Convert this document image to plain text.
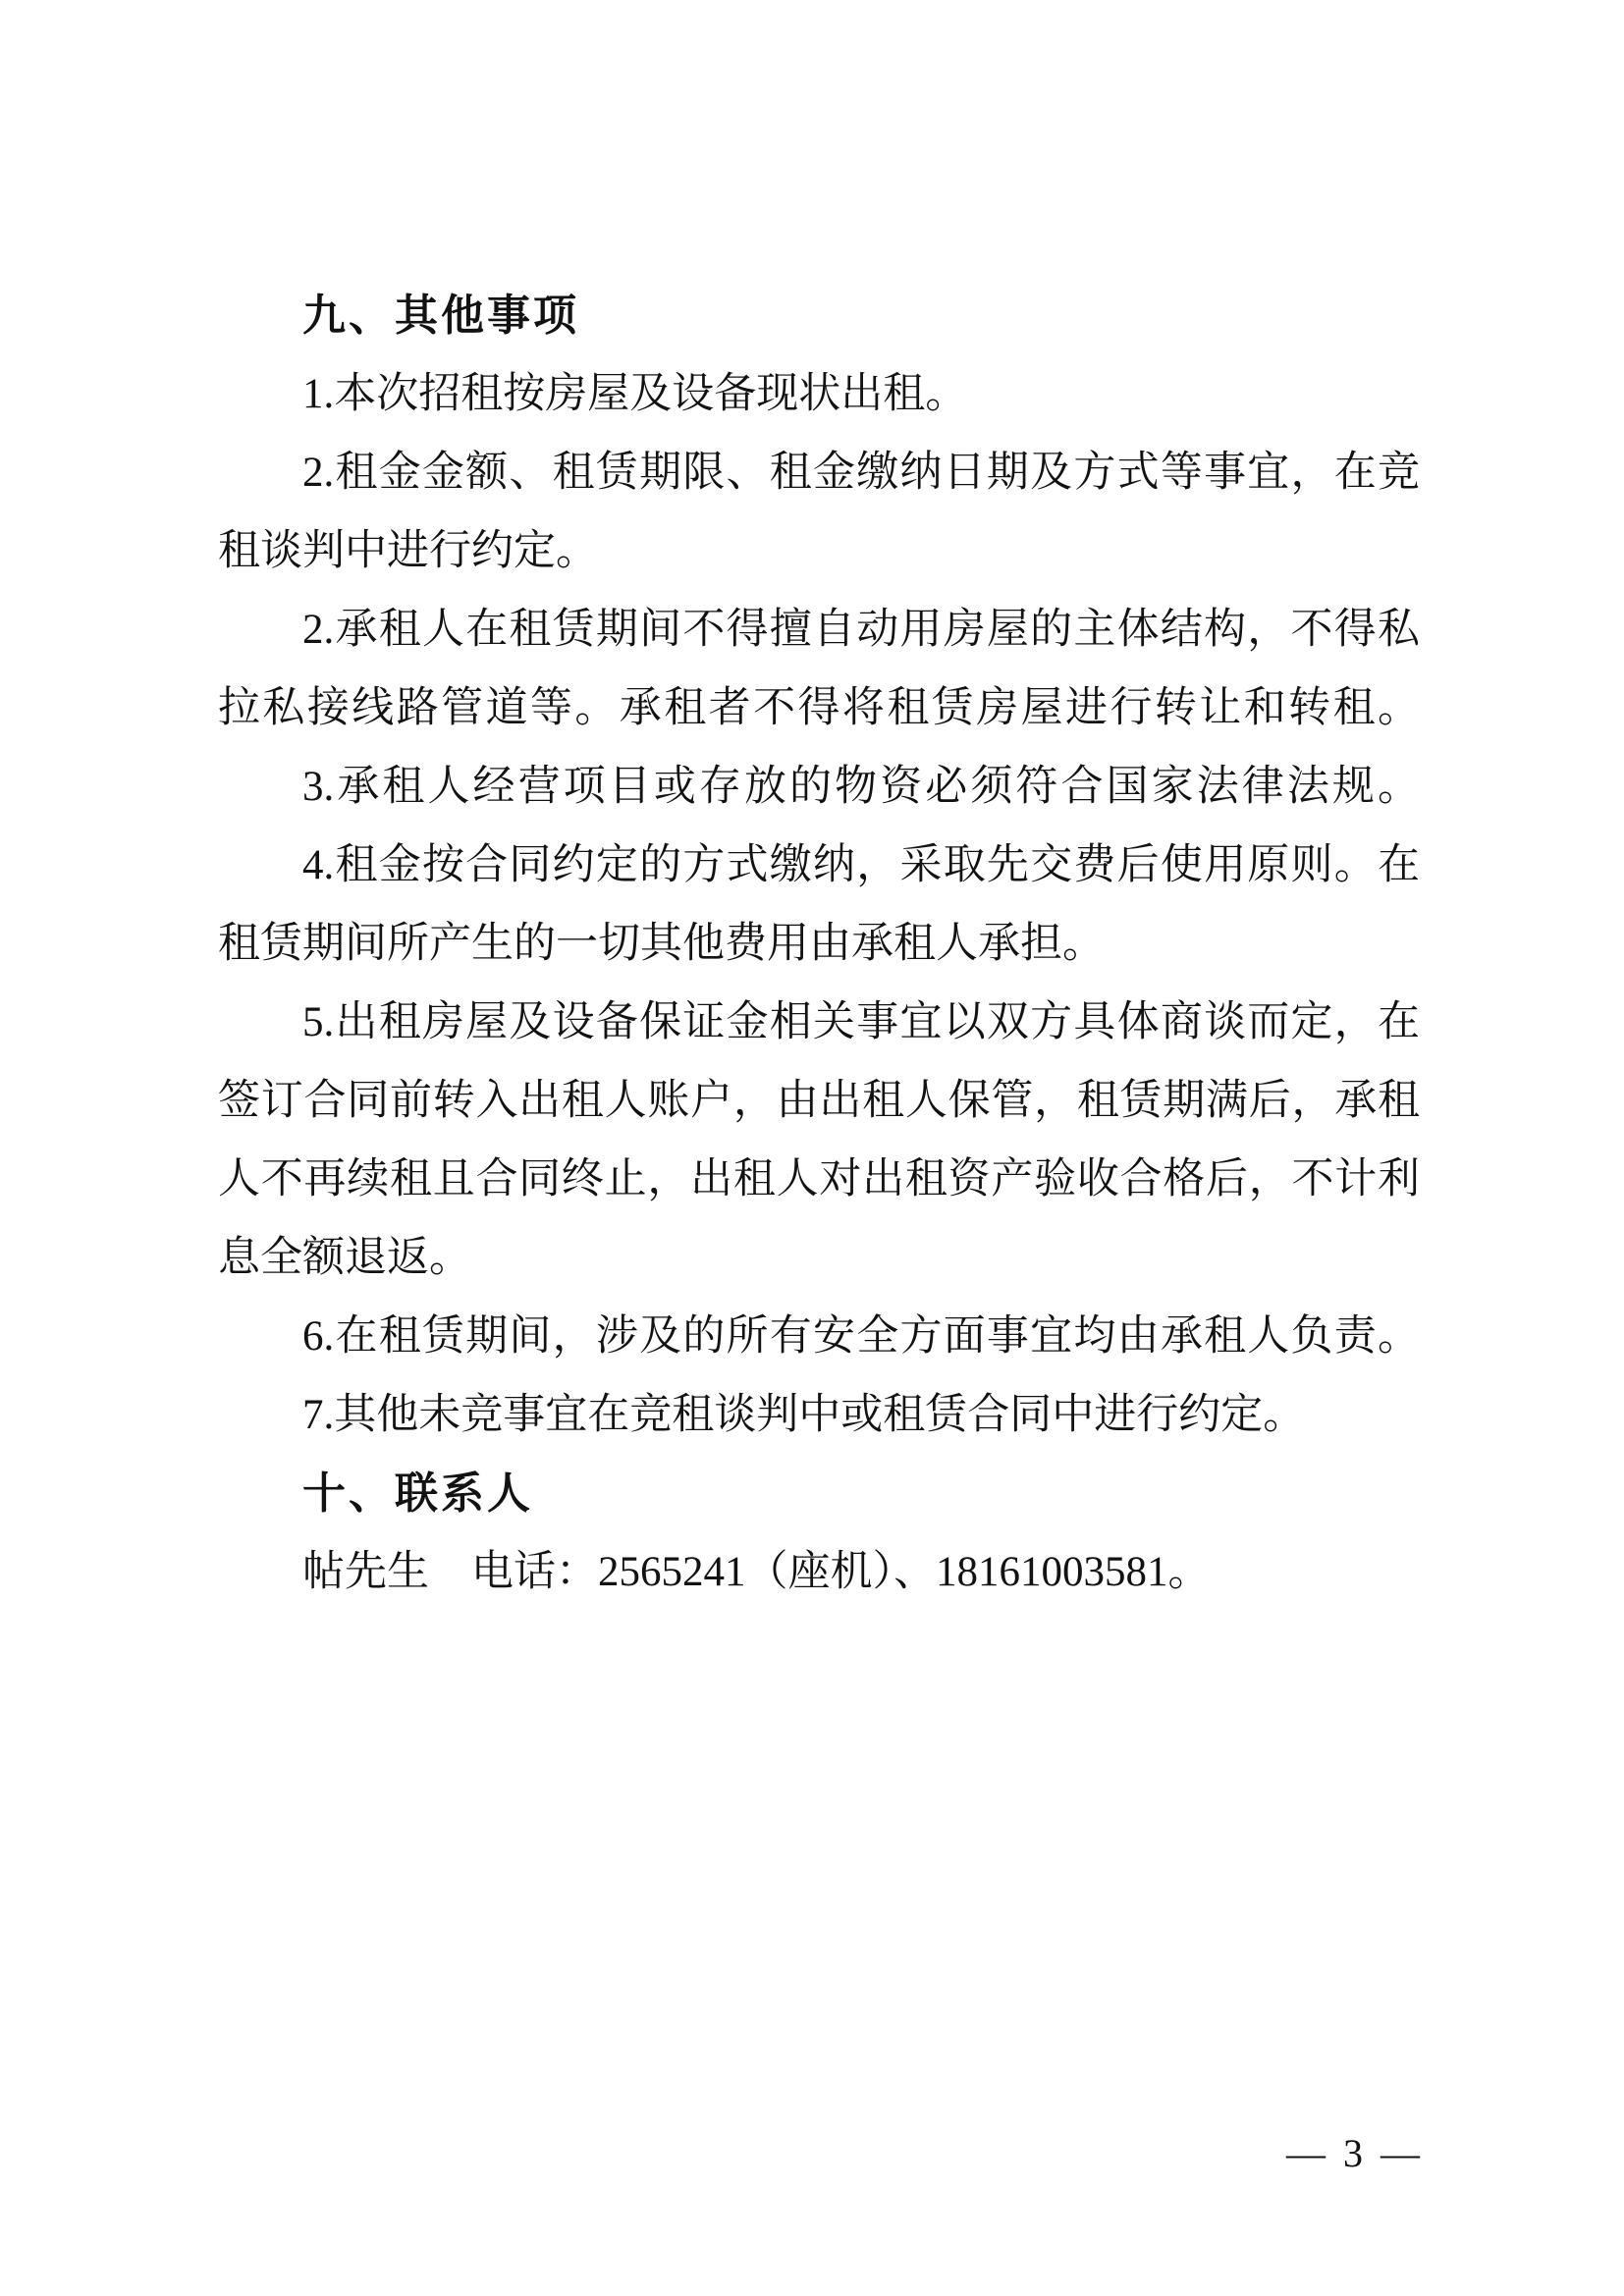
九、其他事项
1.本次招租按房屋及设备现状出租。
2.租金金额、租赁期限、租金缴纳日期及方式等事宜，在竞
租谈判中进行约定。
2.承租人在租赁期间不得擅自动用房屋的主体结构，不得私
拉私接线路管道等。承租者不得将租赁房屋进行转让和转租。
3.承租人经营项目或存放的物资必须符合国家法律法规。
4.租金按合同约定的方式缴纳，采取先交费后使用原则。在
租赁期间所产生的一切其他费用由承租人承担。
5.出租房屋及设备保证金相关事宜以双方具体商谈而定，在
签订合同前转入出租人账户，由出租人保管，租赁期满后，承租
人不再续租且合同终止，出租人对出租资产验收合格后，不计利
息全额退返。
6.在租赁期间，涉及的所有安全方面事宜均由承租人负责。
7.其他未竞事宜在竞租谈判中或租赁合同中进行约定。
十、联系人
帖先生　电话：2565241（座机）、18161003581。
— 3 —
